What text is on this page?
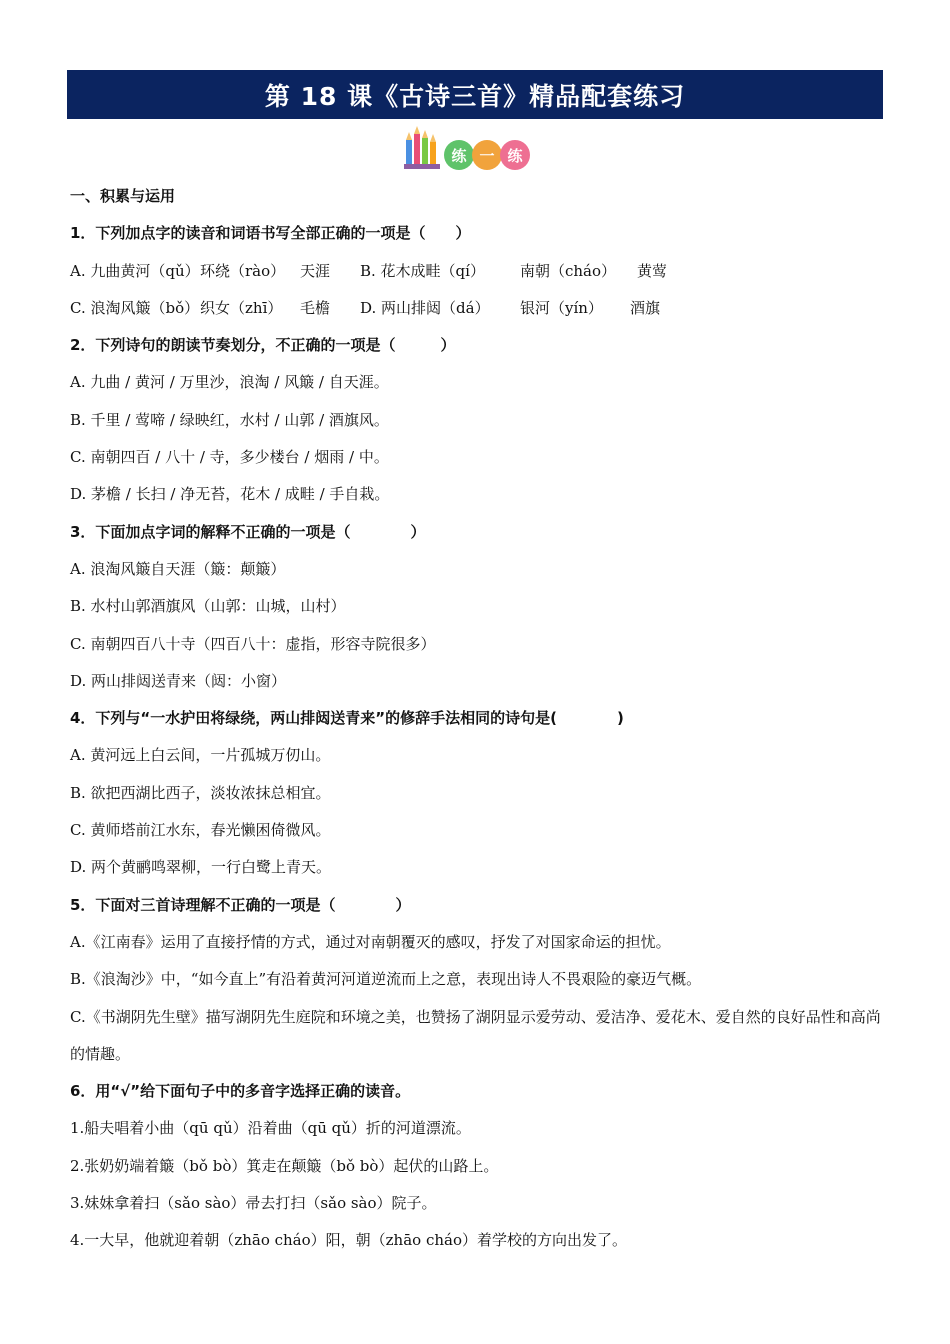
第 18 课《古诗三首》精品配套练习
练 一 练
一、积累与运用
1．下列加点字的读音和词语书写全部正确的一项是（　　）
A. 九曲黄河（qǔ）环绕（rào） 天涯 B. 花木成畦（qí） 南朝（cháo） 黄莺
C. 浪淘风簸（bǒ）织女（zhī） 毛檐 D. 两山排闼（dá） 银河（yín） 酒旗
2．下列诗句的朗读节奏划分，不正确的一项是（　　　）
A. 九曲 / 黄河 / 万里沙，浪淘 / 风簸 / 自天涯。
B. 千里 / 莺啼 / 绿映红，水村 / 山郭 / 酒旗风。
C. 南朝四百 / 八十 / 寺，多少楼台 / 烟雨 / 中。
D. 茅檐 / 长扫 / 净无苔，花木 / 成畦 / 手自栽。
3．下面加点字词的解释不正确的一项是（　　　　）
A. 浪淘风簸自天涯（簸：颠簸）
B. 水村山郭酒旗风（山郭：山城，山村）
C. 南朝四百八十寺（四百八十：虚指，形容寺院很多）
D. 两山排闼送青来（闼：小窗）
4．下列与“一水护田将绿绕，两山排闼送青来”的修辞手法相同的诗句是(　　　　)
A. 黄河远上白云间，一片孤城万仞山。
B. 欲把西湖比西子，淡妆浓抹总相宜。
C. 黄师塔前江水东，春光懒困倚微风。
D. 两个黄鹂鸣翠柳，一行白鹭上青天。
5．下面对三首诗理解不正确的一项是（　　　　）
A.《江南春》运用了直接抒情的方式，通过对南朝覆灭的感叹，抒发了对国家命运的担忧。
B.《浪淘沙》中，“如今直上”有沿着黄河河道逆流而上之意，表现出诗人不畏艰险的豪迈气概。
C.《书湖阴先生壁》描写湖阴先生庭院和环境之美，也赞扬了湖阴显示爱劳动、爱洁净、爱花木、爱自然的良好品性和高尚的情趣。
6．用“√”给下面句子中的多音字选择正确的读音。
1.船夫唱着小曲（qū qǔ）沿着曲（qū qǔ）折的河道漂流。
2.张奶奶端着簸（bǒ bò）箕走在颠簸（bǒ bò）起伏的山路上。
3.妹妹拿着扫（sǎo sào）帚去打扫（sǎo sào）院子。
4.一大早，他就迎着朝（zhāo cháo）阳，朝（zhāo cháo）着学校的方向出发了。
